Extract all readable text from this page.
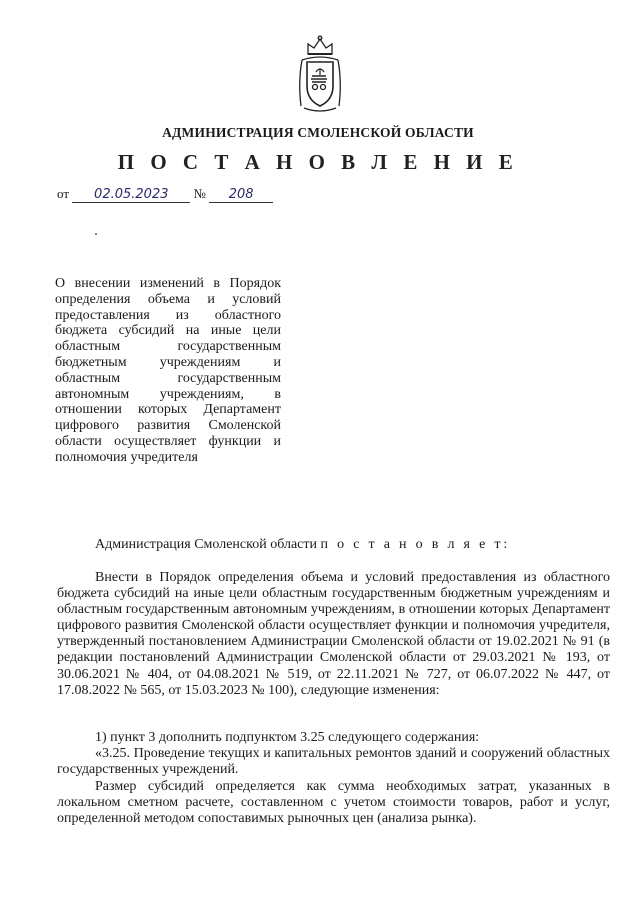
АДМИНИСТРАЦИЯ СМОЛЕНСКОЙ ОБЛАСТИ
П О С Т А Н О В Л Е Н И Е
от 02.05.2023 № 208
О внесении изменений в Порядок определения объема и условий предоставления из областного бюджета субсидий на иные цели областным государственным бюджетным учреждениям и областным государственным автономным учреждениям, в отношении которых Департамент цифрового развития Смоленской области осуществляет функции и полномочия учредителя
Администрация Смоленской области п о с т а н о в л я е т:
Внести в Порядок определения объема и условий предоставления из областного бюджета субсидий на иные цели областным государственным бюджетным учреждениям и областным государственным автономным учреждениям, в отношении которых Департамент цифрового развития Смоленской области осуществляет функции и полномочия учредителя, утвержденный постановлением Администрации Смоленской области от 19.02.2021 № 91 (в редакции постановлений Администрации Смоленской области от 29.03.2021 № 193, от 30.06.2021 № 404, от 04.08.2021 № 519, от 22.11.2021 № 727, от 06.07.2022 № 447, от 17.08.2022 № 565, от 15.03.2023 № 100), следующие изменения:
1) пункт 3 дополнить подпунктом 3.25 следующего содержания:
«3.25. Проведение текущих и капитальных ремонтов зданий и сооружений областных государственных учреждений.
Размер субсидий определяется как сумма необходимых затрат, указанных в локальном сметном расчете, составленном с учетом стоимости товаров, работ и услуг, определенной методом сопоставимых рыночных цен (анализа рынка).
